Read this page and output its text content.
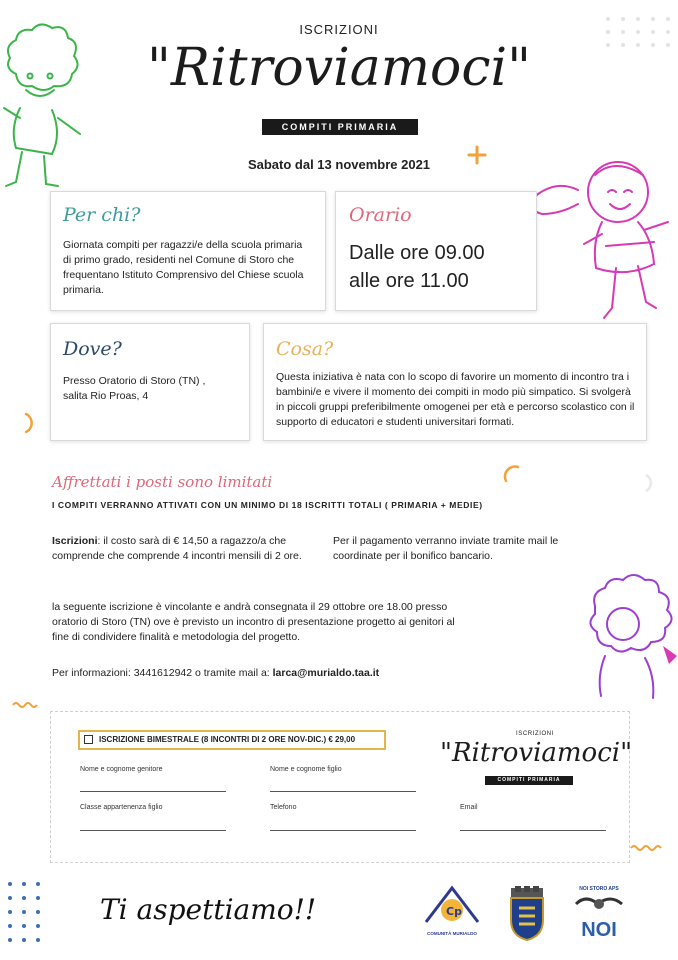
ISCRIZIONI
"Ritroviamoci"
COMPITI PRIMARIA
Sabato dal 13 novembre 2021
Per chi?
Giornata compiti per ragazzi/e della scuola primaria di primo grado, residenti nel Comune di Storo che frequentano Istituto Comprensivo del Chiese scuola primaria.
Orario
Dalle ore 09.00
alle ore 11.00
Dove?
Presso Oratorio di Storo (TN) ,
salita Rio Proas, 4
Cosa?
Questa iniziativa è nata con lo scopo di favorire un momento di incontro tra i bambini/e e vivere il momento dei compiti in modo più simpatico. Si svolgerà in piccoli gruppi preferibilmente omogenei per età e percorso scolastico con il supporto di educatori e studenti universitari formati.
Affrettati i posti sono limitati
I COMPITI VERRANNO ATTIVATI CON UN MINIMO DI 18 ISCRITTI TOTALI ( PRIMARIA + MEDIE)
Iscrizioni: il costo sarà di € 14,50 a ragazzo/a che comprende che comprende 4 incontri mensili di 2 ore.
Per il pagamento verranno inviate tramite mail le coordinate per il bonifico bancario.
la seguente iscrizione è vincolante e andrà consegnata il 29 ottobre ore 18.00 presso oratorio di Storo (TN) ove è previsto un incontro di presentazione progetto ai genitori al fine di condividere finalità e metodologia del progetto.
Per informazioni: 3441612942 o tramite mail a: larca@murialdo.taa.it
ISCRIZIONE BIMESTRALE (8 INCONTRI DI 2 ORE NOV-DIC.) € 29,00
Nome e cognome genitore	Nome e cognome figlio
Classe appartenenza figlio	Telefono	Email
ISCRIZIONI
"Ritroviamoci"
COMPITI PRIMARIA
Ti aspettiamo!!	Cp
COMUNITÀ MURIALDO
NOI STORO APS
NOI
